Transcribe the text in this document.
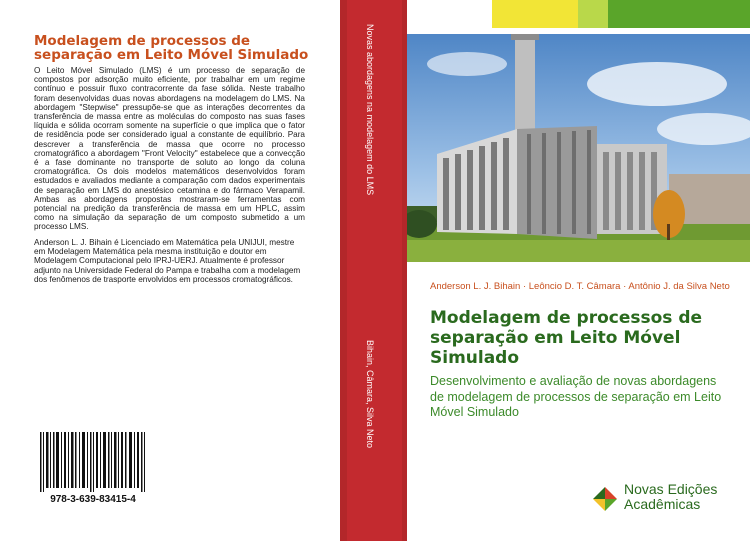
Modelagem de processos de separação em Leito Móvel Simulado

O Leito Móvel Simulado (LMS) é um processo de separação de compostos por adsorção muito eficiente, por trabalhar em um regime contínuo e possuir fluxo contracorrente da fase sólida. Neste trabalho foram desenvolvidas duas novas abordagens na modelagem do LMS. Na abordagem "Stepwise" pressupõe-se que as interações decorrentes da transferência de massa entre as moléculas do composto nas suas fases líquida e sólida ocorram somente na superfície o que implica que o fator de residência pode ser considerado igual a constante de equilíbrio. Para descrever a transferência de massa que ocorre no processo cromatográfico a abordagem "Front Velocity" estabelece que a convecção é a fase dominante no transporte de soluto ao longo da coluna cromatográfica. Os dois modelos matemáticos desenvolvidos foram estudados e avaliados mediante a comparação com dados experimentais de separação em LMS do anestésico cetamina e do fármaco Verapamil. Ambas as abordagens propostas mostraram-se ferramentas com potencial na predição da transferência de massa em um HPLC, assim como na simulação da separação de um composto submetido a um processo LMS.

Anderson L. J. Bihain é Licenciado em Matemática pela UNIJUI, mestre em Modelagem Matemática pela mesma instituição e doutor em Modelagem Computacional pelo IPRJ-UERJ. Atualmente é professor adjunto na Universidade Federal do Pampa e trabalha com a modelagem dos fenômenos de trasporte envolvidos em processos cromatográficos.

978-3-639-83415-4
Novas abordagens na modelagem do LMS
Bihain, Câmara, Silva Neto

Anderson L. J. Bihain · Leôncio D. T. Câmara · Antônio J. da Silva Neto

Modelagem de processos de separação em Leito Móvel Simulado

Desenvolvimento e avaliação de novas abordagens de modelagem de processos de separação em Leito Móvel Simulado

Novas Edições
Acadêmicas
